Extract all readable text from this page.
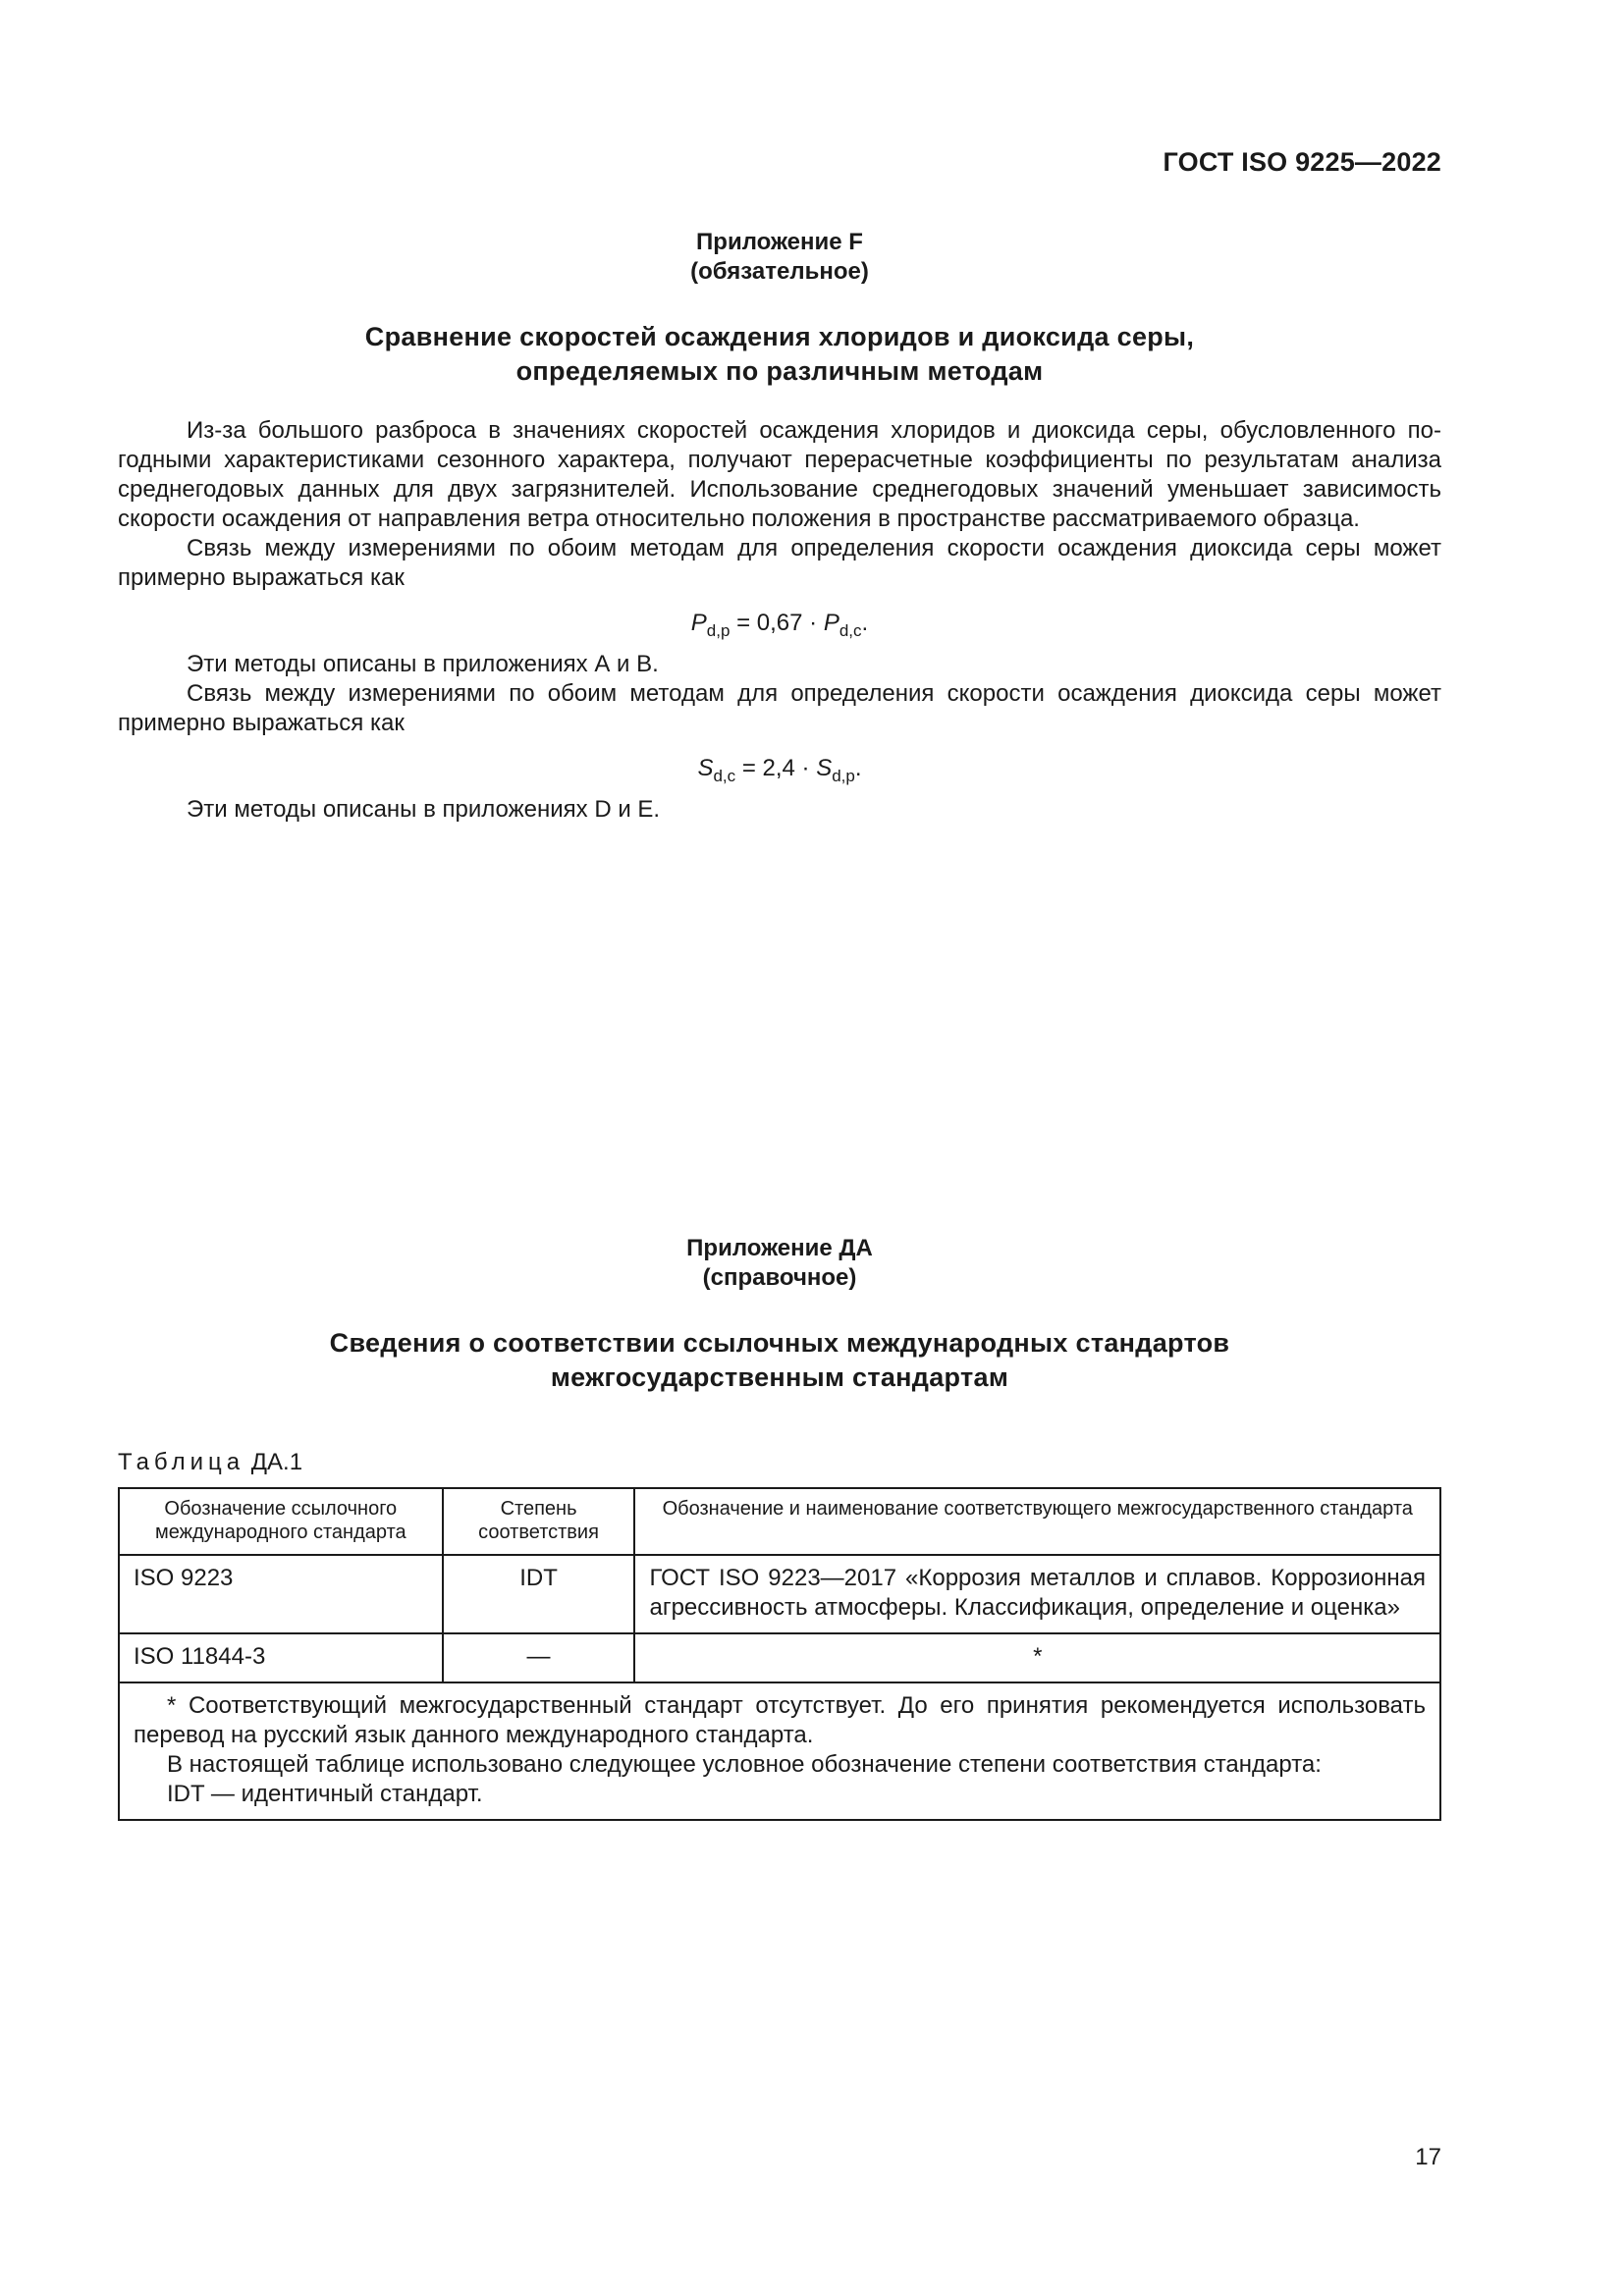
ГОСТ ISO 9225—2022
Приложение F
(обязательное)
Сравнение скоростей осаждения хлоридов и диоксида серы,
определяемых по различным методам

Из-за большого разброса в значениях скоростей осаждения хлоридов и диоксида серы, обусловленного погодными характеристиками сезонного характера, получают перерасчетные коэффициенты по результатам анализа среднегодовых данных для двух загрязнителей. Использование среднегодовых значений уменьшает зависимость скорости осаждения от направления ветра относительно положения в пространстве рассматриваемого образца.

Связь между измерениями по обоим методам для определения скорости осаждения диоксида серы может примерно выражаться как

$P_{d,p} = 0,67 \cdot P_{d,c}$.

Эти методы описаны в приложениях А и В.

Связь между измерениями по обоим методам для определения скорости осаждения диоксида серы может примерно выражаться как

$S_{d,c} = 2,4 \cdot S_{d,p}$.

Эти методы описаны в приложениях D и Е.

Приложение ДА
(справочное)
Сведения о соответствии ссылочных международных стандартов
межгосударственным стандартам
Таблица ДА.1
Обозначение ссылочного международного стандарта	Степень соответствия	Обозначение и наименование соответствующего межгосударственного стандарта
ISO 9223	IDT	ГОСТ ISO 9223—2017 «Коррозия металлов и сплавов. Коррозионная агрессивность атмосферы. Классификация, определение и оценка»
ISO 11844-3	—	*

* Соответствующий межгосударственный стандарт отсутствует. До его принятия рекомендуется использовать перевод на русский язык данного международного стандарта.

В настоящей таблице использовано следующее условное обозначение степени соответствия стандарта:

IDT — идентичный стандарт.		

17
